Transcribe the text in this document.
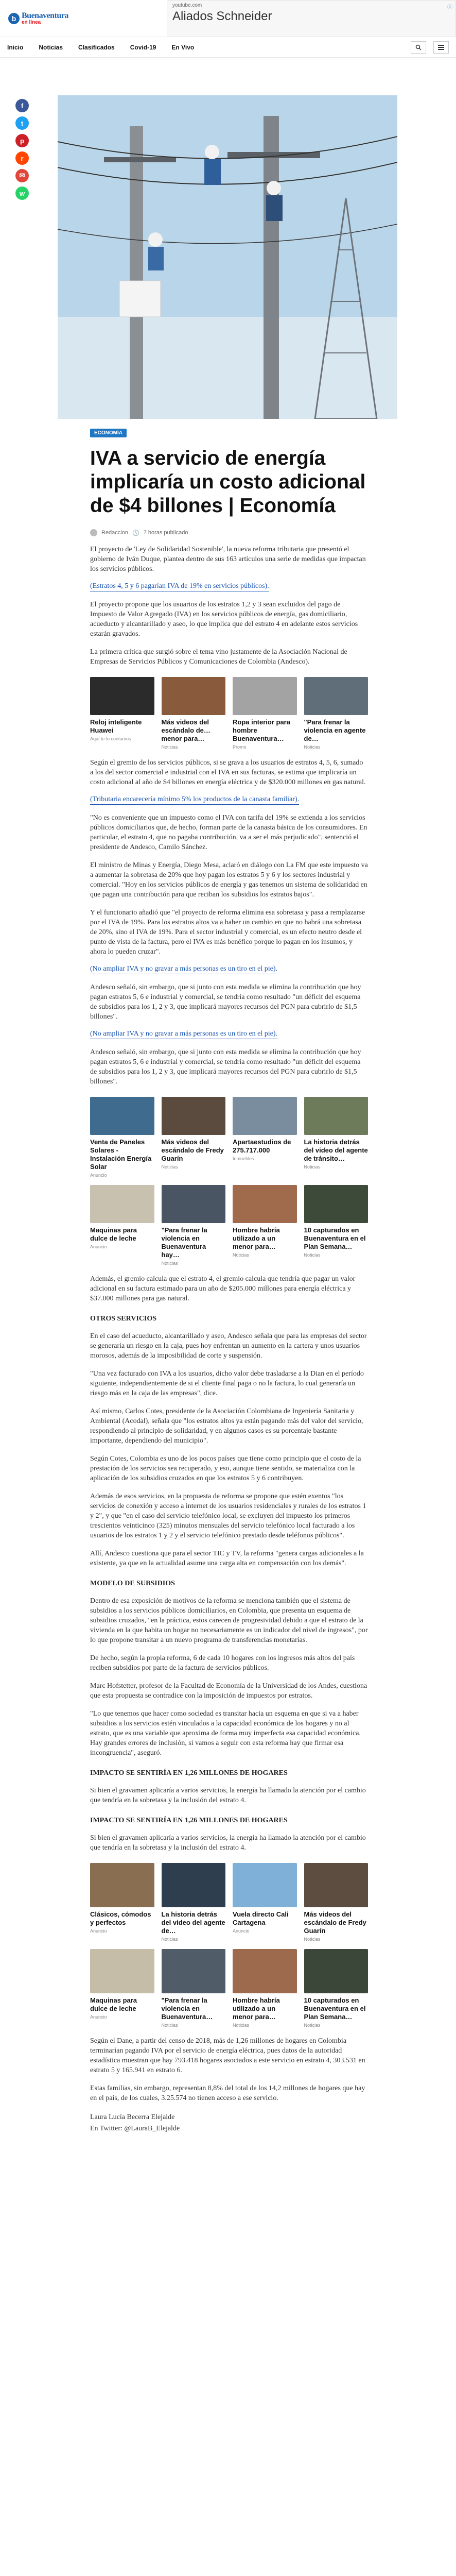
b Buenaventura
en línea
youtube.com
Aliados Schneider
ⓧ
Inicio	Noticias	Clasificados	Covid-19	En Vivo
f
t
p
r
✉
w
ECONOMÍA
IVA a servicio de energía implicaría un costo adicional de $4 billones | Economía
Redaccion 🕓 7 horas publicado

El proyecto de 'Ley de Solidaridad Sostenible', la nueva reforma tributaria que presentó el gobierno de Iván Duque, plantea dentro de sus 163 artículos una serie de medidas que impactan los servicios públicos.

(Estratos 4, 5 y 6 pagarían IVA de 19% en servicios públicos).

El proyecto propone que los usuarios de los estratos 1,2 y 3 sean excluidos del pago de Impuesto de Valor Agregado (IVA) en los servicios públicos de energía, gas domiciliario, acueducto y alcantarillado y aseo, lo que implica que del estrato 4 en adelante estos servicios estarán gravados.

La primera crítica que surgió sobre el tema vino justamente de la Asociación Nacional de Empresas de Servicios Públicos y Comunicaciones de Colombia (Andesco).

Reloj inteligente Huawei
Aquí te lo contamos
Más videos del escándalo de… menor para…
Noticias
Ropa interior para hombre Buenaventura…
Promo
"Para frenar la violencia en agente de…
Noticias

Según el gremio de los servicios públicos, si se grava a los usuarios de estratos 4, 5, 6, sumado a los del sector comercial e industrial con el IVA en sus facturas, se estima que implicaría un costo adicional al año de $4 billones en energía eléctrica y de $320.000 millones en gas natural.

(Tributaria encarecería mínimo 5% los productos de la canasta familiar).

"No es conveniente que un impuesto como el IVA con tarifa del 19% se extienda a los servicios públicos domiciliarios que, de hecho, forman parte de la canasta básica de los consumidores. En particular, el estrato 4, que no pagaba contribución, va a ser el más perjudicado", sentenció el presidente de Andesco, Camilo Sánchez.

El ministro de Minas y Energía, Diego Mesa, aclaró en diálogo con La FM que este impuesto va a aumentar la sobretasa de 20% que hoy pagan los estratos 5 y 6 y los sectores industrial y comercial. "Hoy en los servicios públicos de energía y gas tenemos un sistema de solidaridad en que pagan una contribución para que reciban los subsidios los estratos bajos".

Y el funcionario añadió que "el proyecto de reforma elimina esa sobretasa y pasa a remplazarse por el IVA de 19%. Para los estratos altos va a haber un cambio en que no habrá una sobretasa de 20%, sino el IVA de 19%. Para el sector industrial y comercial, es un efecto neutro desde el punto de vista de la factura, pero el IVA es más benéfico porque lo pagan en los insumos, y ahora lo pueden cruzar".

(No ampliar IVA y no gravar a más personas es un tiro en el pie).

Andesco señaló, sin embargo, que si junto con esta medida se elimina la contribución que hoy pagan estratos 5, 6 e industrial y comercial, se tendría como resultado "un déficit del esquema de subsidios para los 1, 2 y 3, que implicará mayores recursos del PGN para cubrirlo de $1,5 billones".

(No ampliar IVA y no gravar a más personas es un tiro en el pie).

Andesco señaló, sin embargo, que si junto con esta medida se elimina la contribución que hoy pagan estratos 5, 6 e industrial y comercial, se tendría como resultado "un déficit del esquema de subsidios para los 1, 2 y 3, que implicará mayores recursos del PGN para cubrirlo de $1,5 billones".

Venta de Paneles Solares - Instalación Energía Solar
Anuncio
Más videos del escándalo de Fredy Guarín
Noticias
Apartaestudios de 275.717.000
Inmuebles
La historia detrás del video del agente de tránsito…
Noticias
Maquinas para dulce de leche
Anuncio
"Para frenar la violencia en Buenaventura hay…
Noticias
Hombre habría utilizado a un menor para…
Noticias
10 capturados en Buenaventura en el Plan Semana…
Noticias

Además, el gremio calcula que el estrato 4, el gremio calcula que tendría que pagar un valor adicional en su factura estimado para un año de $205.000 millones para energía eléctrica y $37.000 millones para gas natural.

OTROS SERVICIOS

En el caso del acueducto, alcantarillado y aseo, Andesco señala que para las empresas del sector se generaría un riesgo en la caja, pues hoy enfrentan un aumento en la cartera y unos usuarios morosos, además de la imposibilidad de corte y suspensión.

"Una vez facturado con IVA a los usuarios, dicho valor debe trasladarse a la Dian en el período siguiente, independientemente de si el cliente final paga o no la factura, lo cual generaría un riesgo más en la caja de las empresas", dice.

Así mismo, Carlos Cotes, presidente de la Asociación Colombiana de Ingeniería Sanitaria y Ambiental (Acodal), señala que "los estratos altos ya están pagando más del valor del servicio, respondiendo al principio de solidaridad, y en algunos casos es su porcentaje bastante importante, dependiendo del municipio".

Según Cotes, Colombia es uno de los pocos países que tiene como principio que el costo de la prestación de los servicios sea recuperado, y eso, aunque tiene sentido, se materializa con la aplicación de los subsidios cruzados en que los estratos 5 y 6 contribuyen.

Además de esos servicios, en la propuesta de reforma se propone que estén exentos "los servicios de conexión y acceso a internet de los usuarios residenciales y rurales de los estratos 1 y 2", y que "en el caso del servicio telefónico local, se excluyen del impuesto los primeros trescientos veinticinco (325) minutos mensuales del servicio telefónico local facturado a los usuarios de los estratos 1 y 2 y el servicio telefónico prestado desde teléfonos públicos".

Allí, Andesco cuestiona que para el sector TIC y TV, la reforma "genera cargas adicionales a la existente, ya que en la actualidad asume una carga alta en compensación con los demás".

MODELO DE SUBSIDIOS

Dentro de esa exposición de motivos de la reforma se menciona también que el sistema de subsidios a los servicios públicos domiciliarios, en Colombia, que presenta un esquema de subsidios cruzados, "en la práctica, estos carecen de progresividad debido a que el estrato de la vivienda en la que habita un hogar no necesariamente es un indicador del nivel de ingresos", por lo que propone transitar a un nuevo programa de transferencias monetarias.

De hecho, según la propia reforma, 6 de cada 10 hogares con los ingresos más altos del país reciben subsidios por parte de la factura de servicios públicos.

Marc Hofstetter, profesor de la Facultad de Economía de la Universidad de los Andes, cuestiona que esta propuesta se contradice con la imposición de impuestos por estratos.

"Lo que tenemos que hacer como sociedad es transitar hacia un esquema en que si va a haber subsidios a los servicios estén vinculados a la capacidad económica de los hogares y no al estrato, que es una variable que aproxima de forma muy imperfecta esa capacidad económica. Hay grandes errores de inclusión, si vamos a seguir con esta reforma hay que firmar esa incongruencia", aseguró.

IMPACTO SE SENTIRÍA EN 1,26 MILLONES DE HOGARES

Si bien el gravamen aplicaría a varios servicios, la energía ha llamado la atención por el cambio que tendría en la sobretasa y la inclusión del estrato 4.

IMPACTO SE SENTIRÍA EN 1,26 MILLONES DE HOGARES

Si bien el gravamen aplicaría a varios servicios, la energía ha llamado la atención por el cambio que tendría en la sobretasa y la inclusión del estrato 4.

Clásicos, cómodos y perfectos
Anuncio
La historia detrás del video del agente de…
Noticias
Vuela directo Cali Cartagena
Anuncio
Más videos del escándalo de Fredy Guarín
Noticias
Maquinas para dulce de leche
Anuncio
"Para frenar la violencia en Buenaventura…
Noticias
Hombre habría utilizado a un menor para…
Noticias
10 capturados en Buenaventura en el Plan Semana…
Noticias

Según el Dane, a partir del censo de 2018, más de 1,26 millones de hogares en Colombia terminarían pagando IVA por el servicio de energía eléctrica, pues datos de la autoridad estadística muestran que hay 793.418 hogares asociados a este servicio en estrato 4, 303.531 en estrato 5 y 165.941 en estrato 6.

Estas familias, sin embargo, representan 8,8% del total de los 14,2 millones de hogares que hay en el país, de los cuales, 3.25.574 no tienen acceso a ese servicio.

Laura Lucía Becerra Elejalde
En Twitter: @LauraB_Elejalde
